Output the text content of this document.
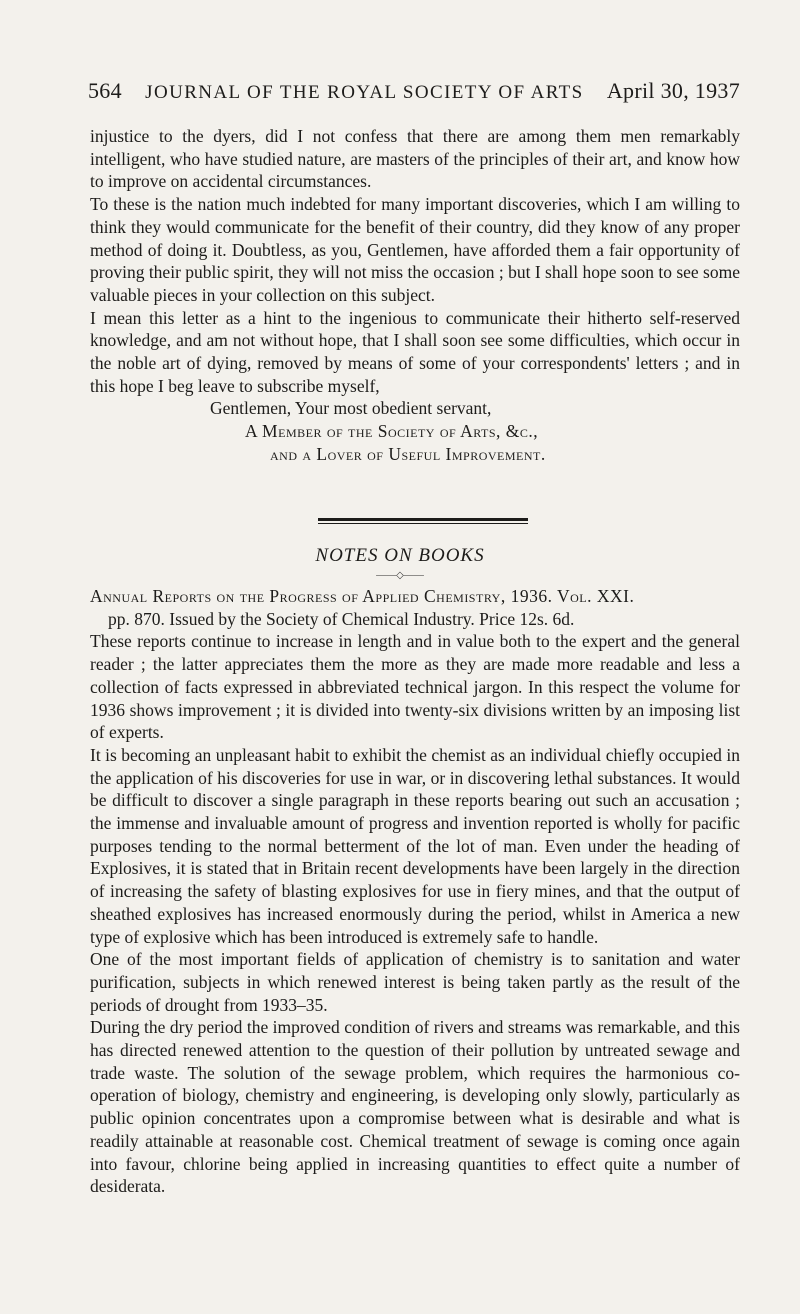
564 JOURNAL OF THE ROYAL SOCIETY OF ARTS April 30, 1937

injustice to the dyers, did I not confess that there are among them men remarkably intelligent, who have studied nature, are masters of the principles of their art, and know how to improve on accidental circumstances.

To these is the nation much indebted for many important discoveries, which I am willing to think they would communicate for the benefit of their country, did they know of any proper method of doing it. Doubtless, as you, Gentlemen, have afforded them a fair opportunity of proving their public spirit, they will not miss the occasion ; but I shall hope soon to see some valuable pieces in your collection on this subject.

I mean this letter as a hint to the ingenious to communicate their hitherto self-reserved knowledge, and am not without hope, that I shall soon see some difficulties, which occur in the noble art of dying, removed by means of some of your correspondents' letters ; and in this hope I beg leave to subscribe myself,

Gentlemen, Your most obedient servant,
A Member of the Society of Arts, &c.,
and a Lover of Useful Improvement.
NOTES ON BOOKS
——◇——
Annual Reports on the Progress of Applied Chemistry, 1936. Vol. XXI.
pp. 870. Issued by the Society of Chemical Industry. Price 12s. 6d.

These reports continue to increase in length and in value both to the expert and the general reader ; the latter appreciates them the more as they are made more readable and less a collection of facts expressed in abbreviated technical jargon. In this respect the volume for 1936 shows improvement ; it is divided into twenty-six divisions written by an imposing list of experts.

It is becoming an unpleasant habit to exhibit the chemist as an individual chiefly occupied in the application of his discoveries for use in war, or in discovering lethal substances. It would be difficult to discover a single paragraph in these reports bearing out such an accusation ; the immense and invaluable amount of progress and invention reported is wholly for pacific purposes tending to the normal betterment of the lot of man. Even under the heading of Explosives, it is stated that in Britain recent developments have been largely in the direction of increasing the safety of blasting explosives for use in fiery mines, and that the output of sheathed explosives has increased enormously during the period, whilst in America a new type of explosive which has been introduced is extremely safe to handle.

One of the most important fields of application of chemistry is to sanitation and water purification, subjects in which renewed interest is being taken partly as the result of the periods of drought from 1933–35.

During the dry period the improved condition of rivers and streams was remarkable, and this has directed renewed attention to the question of their pollution by untreated sewage and trade waste. The solution of the sewage problem, which requires the harmonious co-operation of biology, chemistry and engineering, is developing only slowly, particularly as public opinion concentrates upon a compromise between what is desirable and what is readily attainable at reasonable cost. Chemical treatment of sewage is coming once again into favour, chlorine being applied in increasing quantities to effect quite a number of desiderata.
